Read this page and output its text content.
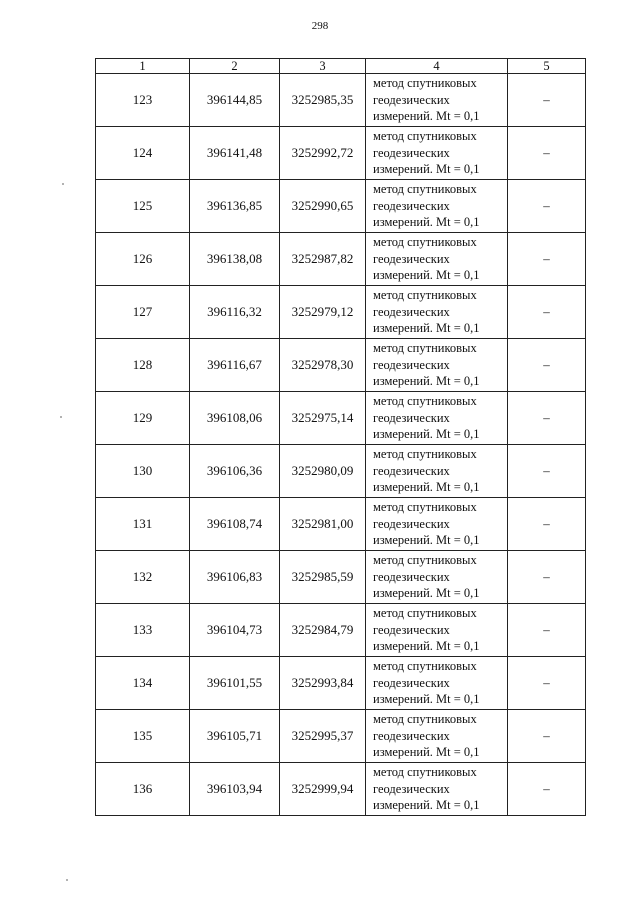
298
1	2	3	4	5
123	396144,85	3252985,35	метод спутниковых
геодезических
измерений. Mt = 0,1	–
124	396141,48	3252992,72	метод спутниковых
геодезических
измерений. Mt = 0,1	–
125	396136,85	3252990,65	метод спутниковых
геодезических
измерений. Mt = 0,1	–
126	396138,08	3252987,82	метод спутниковых
геодезических
измерений. Mt = 0,1	–
127	396116,32	3252979,12	метод спутниковых
геодезических
измерений. Mt = 0,1	–
128	396116,67	3252978,30	метод спутниковых
геодезических
измерений. Mt = 0,1	–
129	396108,06	3252975,14	метод спутниковых
геодезических
измерений. Mt = 0,1	–
130	396106,36	3252980,09	метод спутниковых
геодезических
измерений. Mt = 0,1	–
131	396108,74	3252981,00	метод спутниковых
геодезических
измерений. Mt = 0,1	–
132	396106,83	3252985,59	метод спутниковых
геодезических
измерений. Mt = 0,1	–
133	396104,73	3252984,79	метод спутниковых
геодезических
измерений. Mt = 0,1	–
134	396101,55	3252993,84	метод спутниковых
геодезических
измерений. Mt = 0,1	–
135	396105,71	3252995,37	метод спутниковых
геодезических
измерений. Mt = 0,1	–
136	396103,94	3252999,94	метод спутниковых
геодезических
измерений. Mt = 0,1	–
